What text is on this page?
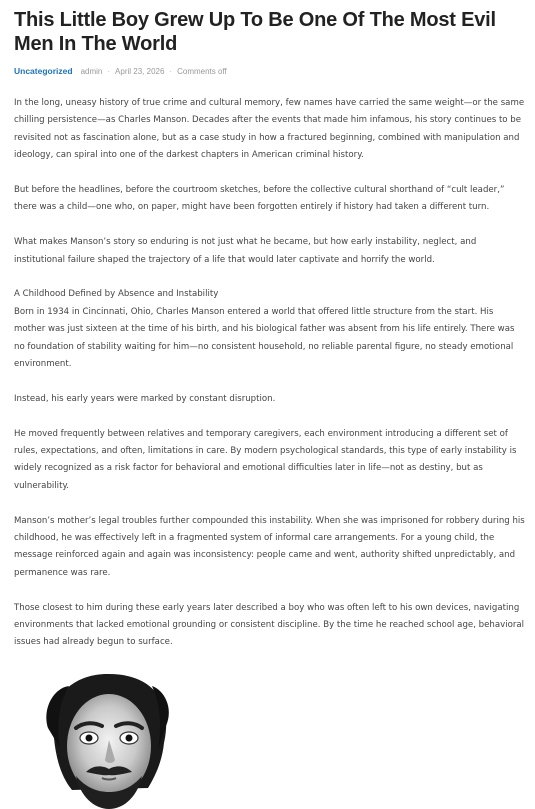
This Little Boy Grew Up To Be One Of The Most Evil Men In The World
Uncategorized admin · April 23, 2026 · Comments off

In the long, uneasy history of true crime and cultural memory, few names have carried the same weight—or the same chilling persistence—as Charles Manson. Decades after the events that made him infamous, his story continues to be revisited not as fascination alone, but as a case study in how a fractured beginning, combined with manipulation and ideology, can spiral into one of the darkest chapters in American criminal history.

But before the headlines, before the courtroom sketches, before the collective cultural shorthand of “cult leader,” there was a child—one who, on paper, might have been forgotten entirely if history had taken a different turn.

What makes Manson’s story so enduring is not just what he became, but how early instability, neglect, and institutional failure shaped the trajectory of a life that would later captivate and horrify the world.

A Childhood Defined by Absence and Instability

Born in 1934 in Cincinnati, Ohio, Charles Manson entered a world that offered little structure from the start. His mother was just sixteen at the time of his birth, and his biological father was absent from his life entirely. There was no foundation of stability waiting for him—no consistent household, no reliable parental figure, no steady emotional environment.

Instead, his early years were marked by constant disruption.

He moved frequently between relatives and temporary caregivers, each environment introducing a different set of rules, expectations, and often, limitations in care. By modern psychological standards, this type of early instability is widely recognized as a risk factor for behavioral and emotional difficulties later in life—not as destiny, but as vulnerability.

Manson’s mother’s legal troubles further compounded this instability. When she was imprisoned for robbery during his childhood, he was effectively left in a fragmented system of informal care arrangements. For a young child, the message reinforced again and again was inconsistency: people came and went, authority shifted unpredictably, and permanence was rare.

Those closest to him during these early years later described a boy who was often left to his own devices, navigating environments that lacked emotional grounding or consistent discipline. By the time he reached school age, behavioral issues had already begun to surface.
